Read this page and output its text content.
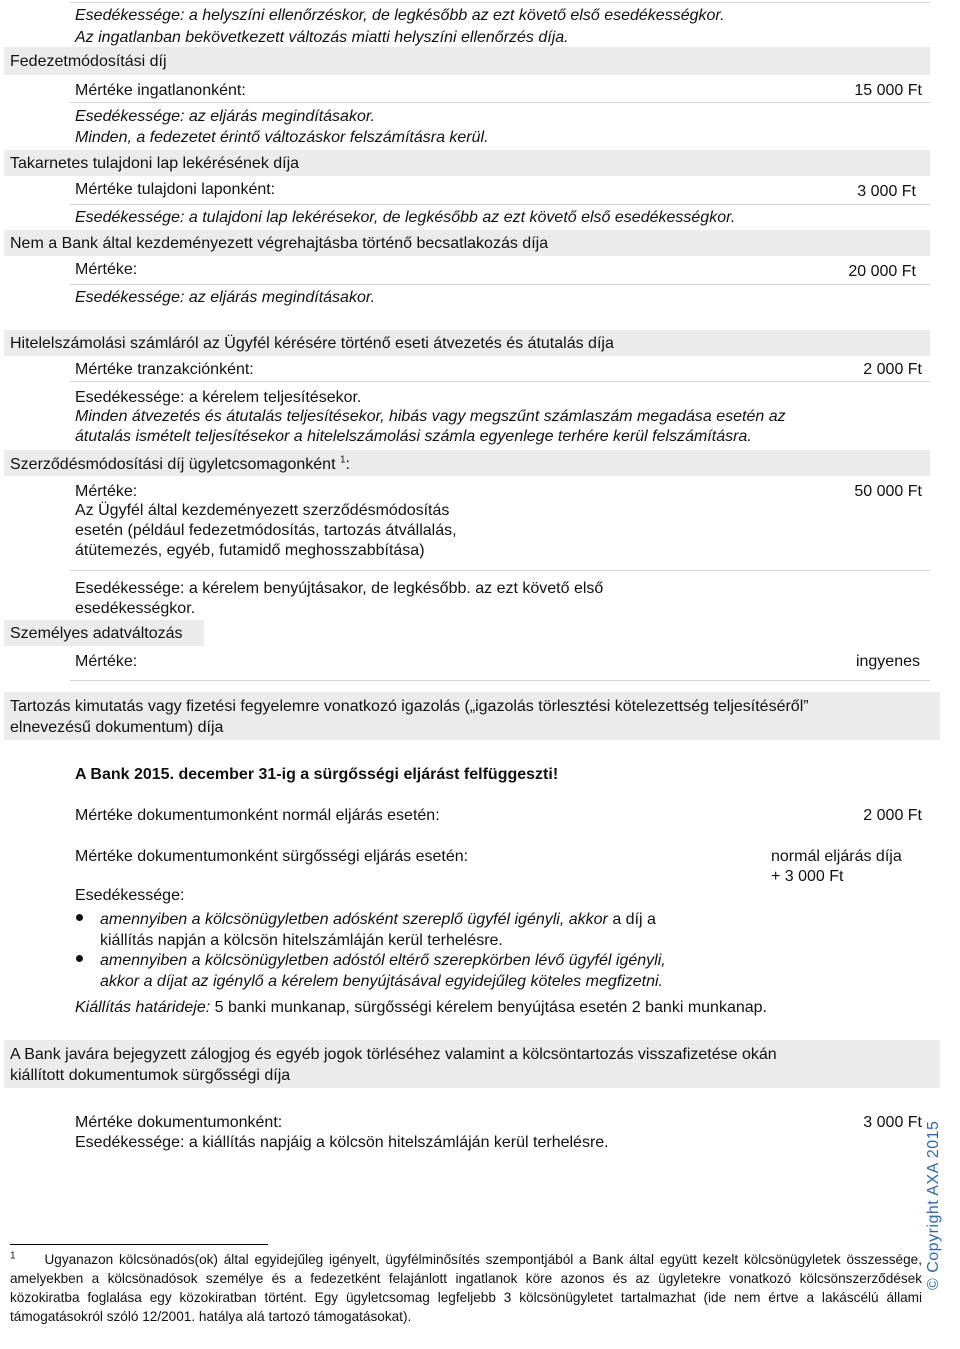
Esedékessége: a helyszíni ellenőrzéskor, de legkésőbb az ezt követő első esedékességkor.
Az ingatlanban bekövetkezett változás miatti helyszíni ellenőrzés díja.
Fedezetmódosítási díj
Mértéke ingatlanonként:	15 000 Ft
Esedékessége: az eljárás megindításakor.
Minden, a fedezetet érintő változáskor felszámításra kerül.
Takarnetes tulajdoni lap lekérésének díja
Mértéke tulajdoni laponként:	3 000 Ft
Esedékessége: a tulajdoni lap lekérésekor, de legkésőbb az ezt követő első esedékességkor.
Nem a Bank által kezdeményezett végrehajtásba történő becsatlakozás díja
Mértéke:	20 000 Ft
Esedékessége: az eljárás megindításakor.
Hitelelszámolási számláról az Ügyfél kérésére történő eseti átvezetés és átutalás díja
Mértéke tranzakciónként:	2 000 Ft
Esedékessége: a kérelem teljesítésekor.
Minden átvezetés és átutalás teljesítésekor, hibás vagy megszűnt számlaszám megadása esetén az
átutalás ismételt teljesítésekor a hitelelszámolási számla egyenlege terhére kerül felszámításra.
Szerződésmódosítási díj ügyletcsomagonként $^1$:
Mértéke:	50 000 Ft
Az Ügyfél által kezdeményezett szerződésmódosítás
esetén (például fedezetmódosítás, tartozás átvállalás,
átütemezés, egyéb, futamidő meghosszabbítása)
Esedékessége: a kérelem benyújtásakor, de legkésőbb. az ezt követő első
esedékességkor.
Személyes adatváltozás
Mértéke:	ingyenes
Tartozás kimutatás vagy fizetési fegyelemre vonatkozó igazolás („igazolás törlesztési kötelezettség teljesítéséről”
elnevezésű dokumentum) díja
A Bank 2015. december 31-ig a sürgősségi eljárást felfüggeszti!
Mértéke dokumentumonként normál eljárás esetén:	2 000 Ft
Mértéke dokumentumonként sürgősségi eljárás esetén:	normál eljárás díja
+ 3 000 Ft
Esedékessége:
amennyiben a kölcsönügyletben adósként szereplő ügyfél igényli, akkor a díj a
kiállítás napján a kölcsön hitelszámláján kerül terhelésre.
amennyiben a kölcsönügyletben adóstól eltérő szerepkörben lévő ügyfél igényli,
akkor a díjat az igénylő a kérelem benyújtásával egyidejűleg köteles megfizetni.
Kiállítás határideje: 5 banki munkanap, sürgősségi kérelem benyújtása esetén 2 banki munkanap.
A Bank javára bejegyzett zálogjog és egyéb jogok törléséhez valamint a kölcsöntartozás visszafizetése okán
kiállított dokumentumok sürgősségi díja
Mértéke dokumentumonként:	3 000 Ft
Esedékessége: a kiállítás napjáig a kölcsön hitelszámláján kerül terhelésre.
$^1$ Ugyanazon kölcsönadós(ok) által egyidejűleg igényelt, ügyfélminősítés szempontjából a Bank által együtt kezelt kölcsönügyletek összessége, amelyekben a kölcsönadósok személye és a fedezetként felajánlott ingatlanok köre azonos és az ügyletekre vonatkozó kölcsönszerződések közokiratba foglalása egy közokiratban történt. Egy ügyletcsomag legfeljebb 3 kölcsönügyletet tartalmazhat (ide nem értve a lakáscélú állami támogatásokról szóló 12/2001. hatálya alá tartozó támogatásokat).
© Copyright AXA 2015
